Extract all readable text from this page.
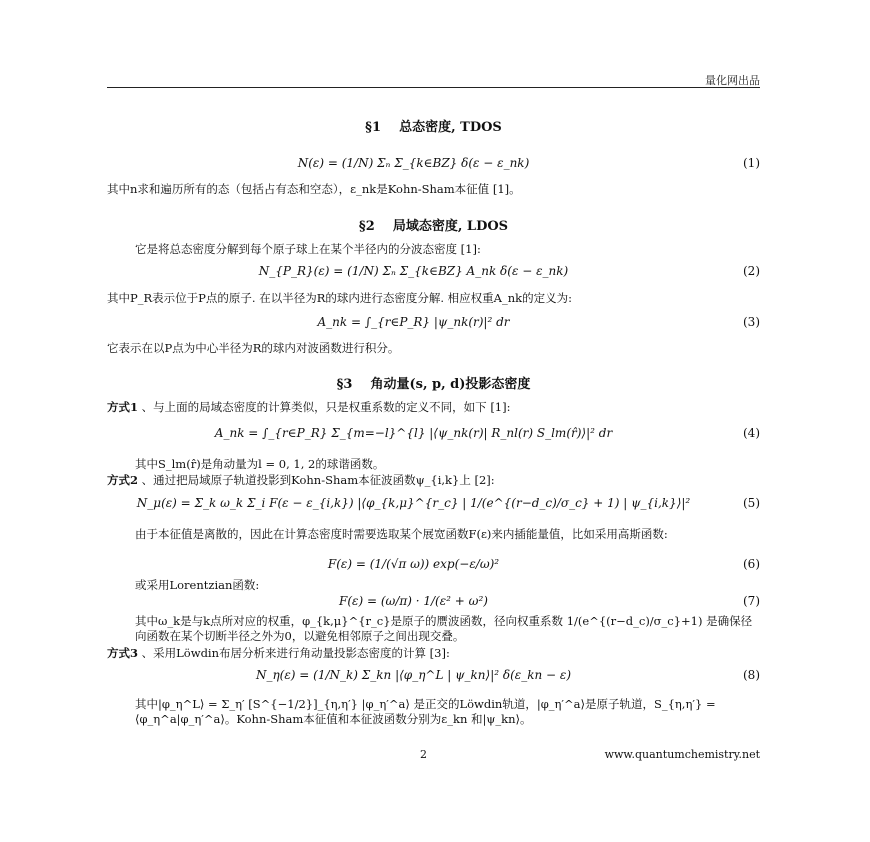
量化网出品
§1 总态密度, TDOS
N(ε) = (1/N) Σₙ Σ_{k∈BZ} δ(ε − ε_nk)	(1)
其中n求和遍历所有的态（包括占有态和空态），ε_nk是Kohn-Sham本征值 [1]。
§2 局域态密度, LDOS
它是将总态密度分解到每个原子球上在某个半径内的分波态密度 [1]:
N_{P_R}(ε) = (1/N) Σₙ Σ_{k∈BZ} A_nk δ(ε − ε_nk)	(2)
其中P_R表示位于P点的原子. 在以半径为R的球内进行态密度分解. 相应权重A_nk的定义为:
A_nk = ∫_{r∈P_R} |ψ_nk(r)|² dr	(3)
它表示在以P点为中心半径为R的球内对波函数进行积分。
§3 角动量(s, p, d)投影态密度
方式1 、与上面的局域态密度的计算类似，只是权重系数的定义不同，如下 [1]:
A_nk = ∫_{r∈P_R} Σ_{m=−l}^{l} |⟨ψ_nk(r)| R_nl(r) S_lm(r̂)⟩|² dr	(4)
其中S_lm(r̂)是角动量为l = 0, 1, 2的球谐函数。
方式2 、通过把局域原子轨道投影到Kohn-Sham本征波函数ψ_{i,k}上 [2]:
N_μ(ε) = Σ_k ω_k Σ_i F(ε − ε_{i,k}) |⟨φ_{k,μ}^{r_c} | 1/(e^{(r−d_c)/σ_c} + 1) | ψ_{i,k}⟩|²	(5)
由于本征值是离散的，因此在计算态密度时需要选取某个展宽函数F(ε)来内插能量值，比如采用高斯函数:
F(ε) = (1/(√π ω)) exp(−ε/ω)²	(6)
或采用Lorentzian函数:
F(ε) = (ω/π) · 1/(ε² + ω²)	(7)
其中ω_k是与k点所对应的权重，φ_{k,μ}^{r_c}是原子的赝波函数，径向权重系数 1/(e^{(r−d_c)/σ_c}+1) 是确保径向函数在某个切断半径之外为0，以避免相邻原子之间出现交叠。
方式3 、采用Löwdin布居分析来进行角动量投影态密度的计算 [3]:
N_η(ε) = (1/N_k) Σ_kn |⟨φ_η^L | ψ_kn⟩|² δ(ε_kn − ε)	(8)
其中|φ_η^L⟩ = Σ_η′ [S^{−1/2}]_{η,η′} |φ_η′^a⟩ 是正交的Löwdin轨道，|φ_η′^a⟩是原子轨道，S_{η,η′} = ⟨φ_η^a|φ_η′^a⟩。Kohn-Sham本征值和本征波函数分别为ε_kn 和|ψ_kn⟩。
2	www.quantumchemistry.net
